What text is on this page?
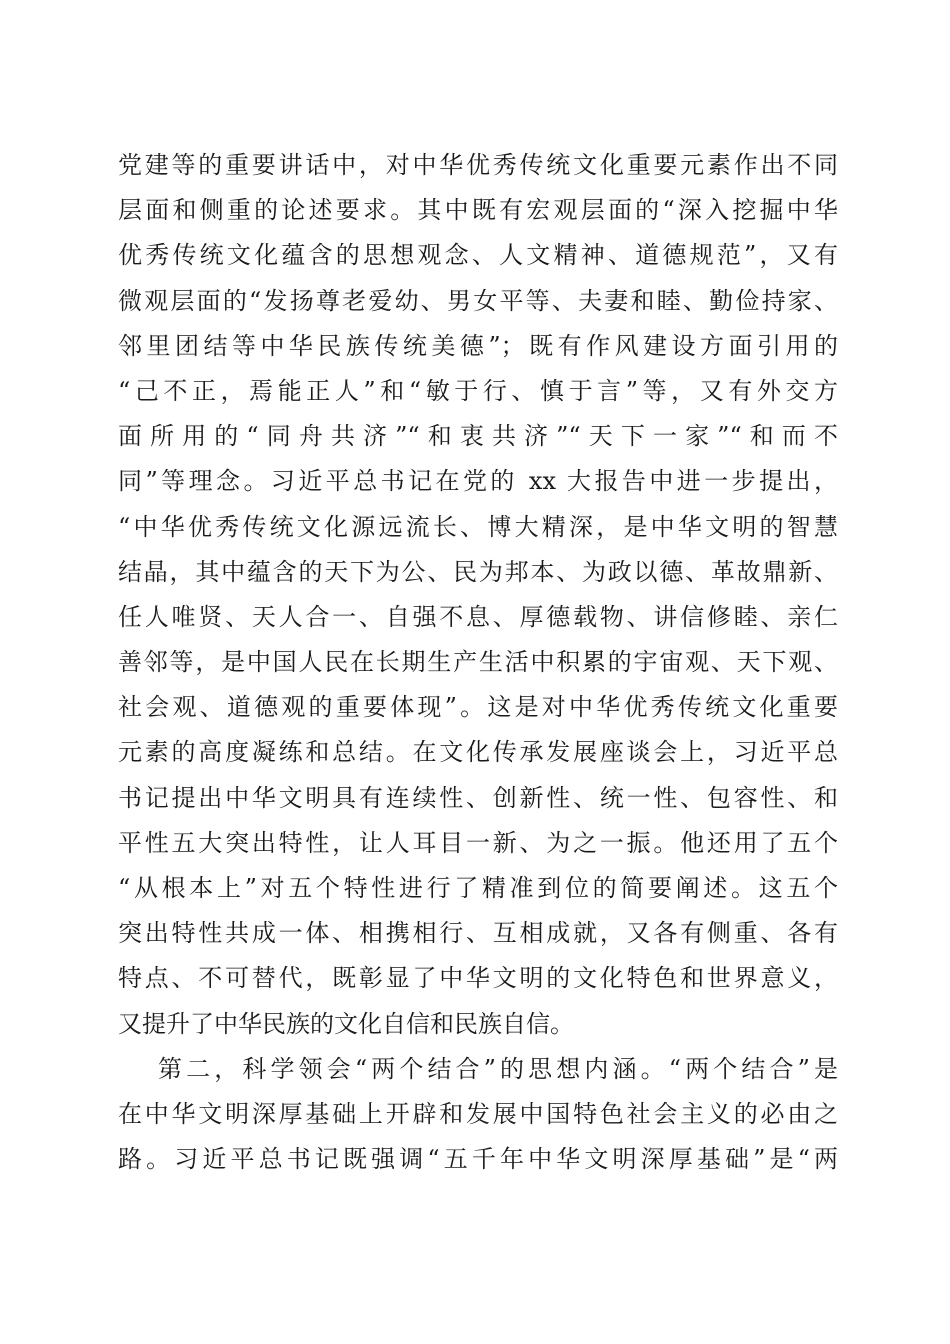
党建等的重要讲话中，对中华优秀传统文化重要元素作出不同
层面和侧重的论述要求。其中既有宏观层面的“深入挖掘中华
优秀传统文化蕴含的思想观念、人文精神、道德规范”，又有
微观层面的“发扬尊老爱幼、男女平等、夫妻和睦、勤俭持家、
邻里团结等中华民族传统美德”；既有作风建设方面引用的
“己不正，焉能正人”和“敏于行、慎于言”等，又有外交方
面所用的“同舟共济”“和衷共济”“天下一家”“和而不
同”等理念。习近平总书记在党的 xx 大报告中进一步提出，
“中华优秀传统文化源远流长、博大精深，是中华文明的智慧
结晶，其中蕴含的天下为公、民为邦本、为政以德、革故鼎新、
任人唯贤、天人合一、自强不息、厚德载物、讲信修睦、亲仁
善邻等，是中国人民在长期生产生活中积累的宇宙观、天下观、
社会观、道德观的重要体现”。这是对中华优秀传统文化重要
元素的高度凝练和总结。在文化传承发展座谈会上，习近平总
书记提出中华文明具有连续性、创新性、统一性、包容性、和
平性五大突出特性，让人耳目一新、为之一振。他还用了五个
“从根本上”对五个特性进行了精准到位的简要阐述。这五个
突出特性共成一体、相携相行、互相成就，又各有侧重、各有
特点、不可替代，既彰显了中华文明的文化特色和世界意义，
又提升了中华民族的文化自信和民族自信。
第二，科学领会“两个结合”的思想内涵。“两个结合”是
在中华文明深厚基础上开辟和发展中国特色社会主义的必由之
路。习近平总书记既强调“五千年中华文明深厚基础”是“两
